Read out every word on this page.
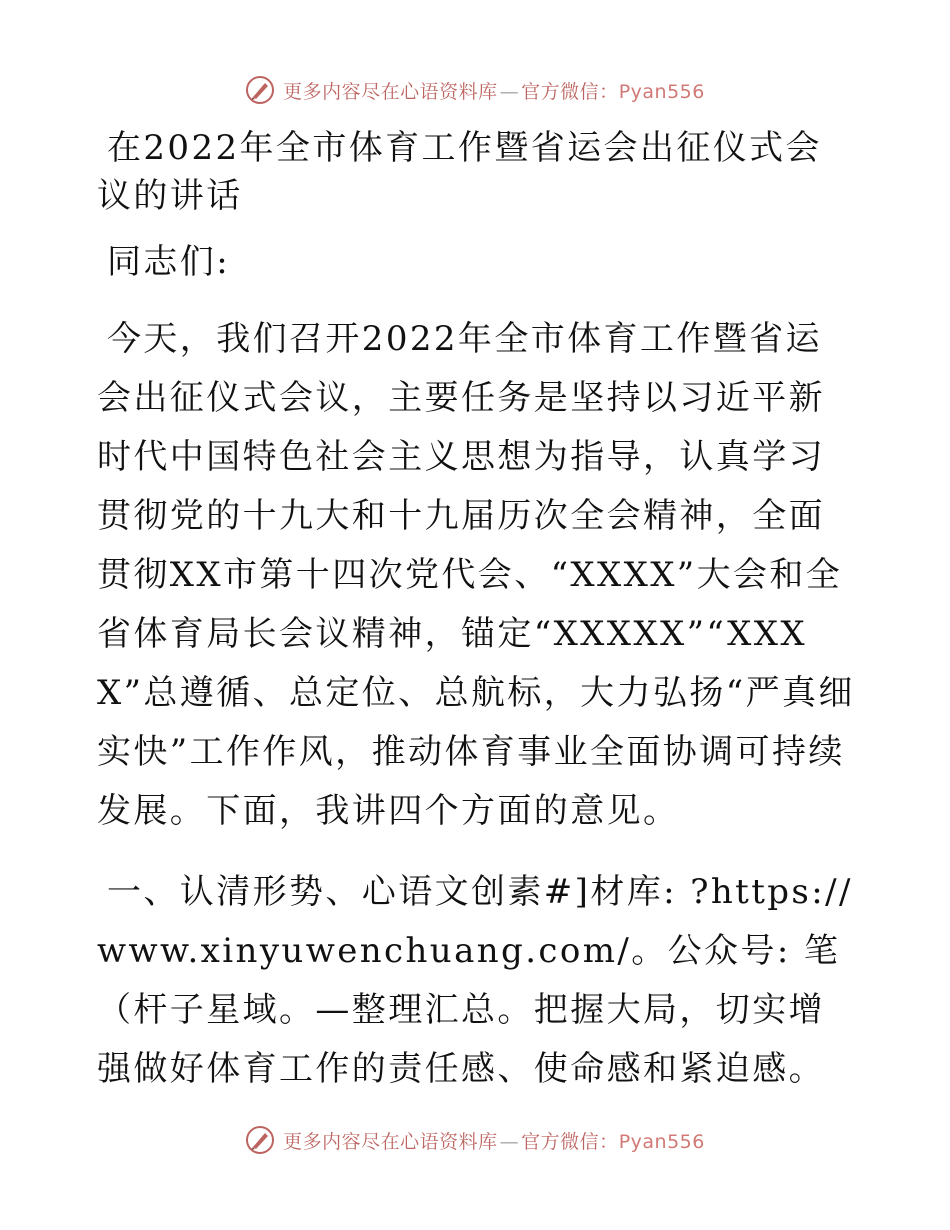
更多内容尽在心语资料库 — 官方微信：Pyan556

在2022年全市体育工作暨省运会出征仪式会议的讲话

同志们:

今天，我们召开2022年全市体育工作暨省运会出征仪式会议，主要任务是坚持以习近平新时代中国特色社会主义思想为指导，认真学习贯彻党的十九大和十九届历次全会精神，全面贯彻XX市第十四次党代会、“XXXX”大会和全省体育局长会议精神，锚定“XXXXX”“XXXX”总遵循、总定位、总航标，大力弘扬“严真细实快”工作作风，推动体育事业全面协调可持续发展。下面，我讲四个方面的意见。

一、认清形势、心语文创素#]材库: ?https://www.xinyuwenchuang.com/。公众号: 笔（杆子星域。—整理汇总。把握大局，切实增强做好体育工作的责任感、使命感和紧迫感。

更多内容尽在心语资料库 — 官方微信：Pyan556
